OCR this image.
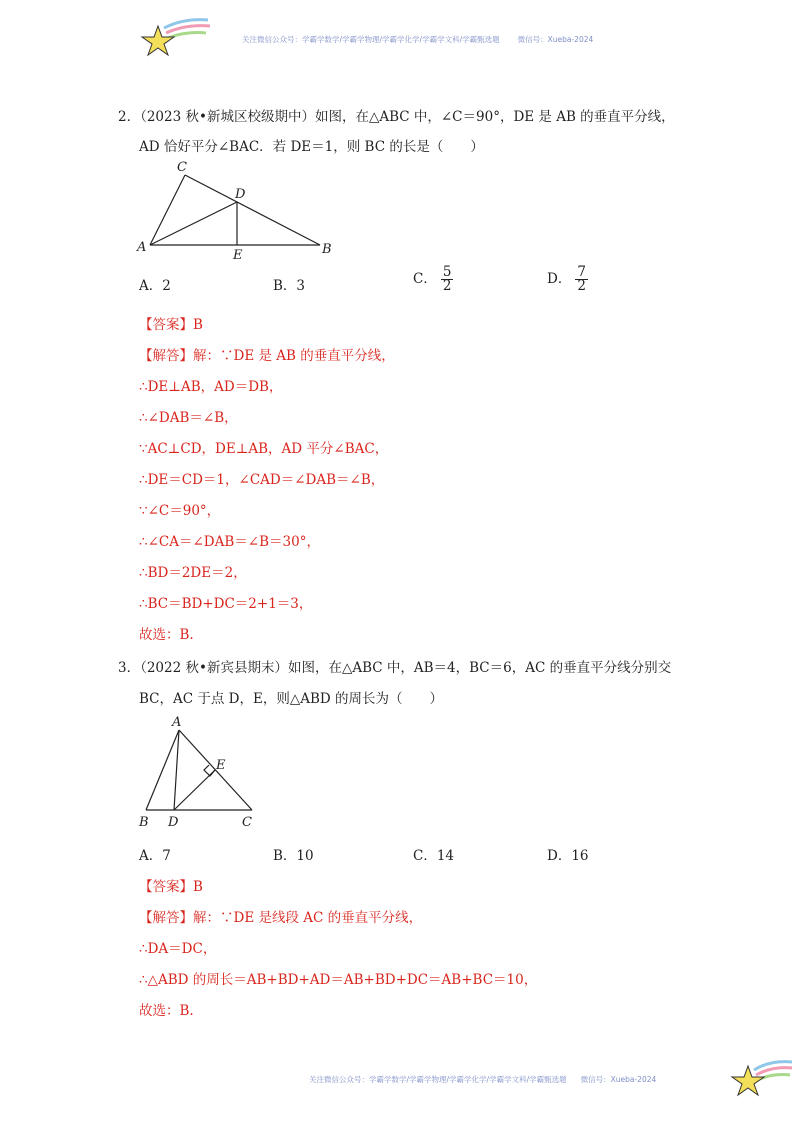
关注微信公众号：学霸学数学/学霸学物理/学霸学化学/学霸学文科/学霸甄选题 微信号：Xueba-2024
2．（2023 秋•新城区校级期中）如图，在△ABC 中，∠C＝90°，DE 是 AB 的垂直平分线，
AD 恰好平分∠BAC．若 DE＝1，则 BC 的长是（　　）
C
D
A
E	B
A．2	B．3	C． $\frac{5}{2}$	D． $\frac{7}{2}$
【答案】B
【解答】解：∵DE 是 AB 的垂直平分线，
∴DE⊥AB，AD＝DB，
∴∠DAB＝∠B，
∵AC⊥CD，DE⊥AB，AD 平分∠BAC，
∴DE＝CD＝1，∠CAD＝∠DAB＝∠B，
∵∠C＝90°，
∴∠CA＝∠DAB＝∠B＝30°，
∴BD＝2DE＝2，
∴BC＝BD+DC＝2+1＝3，
故选：B.
3．（2022 秋•新宾县期末）如图，在△ABC 中，AB＝4，BC＝6，AC 的垂直平分线分别交
BC，AC 于点 D，E，则△ABD 的周长为（　　）
A
E
B D	C
A．7	B．10	C．14	D．16
【答案】B
【解答】解：∵DE 是线段 AC 的垂直平分线，
∴DA＝DC，
∴△ABD 的周长＝AB+BD+AD＝AB+BD+DC＝AB+BC＝10，
故选：B.
关注微信公众号：学霸学数学/学霸学物理/学霸学化学/学霸学文科/学霸甄选题 微信号：Xueba-2024
